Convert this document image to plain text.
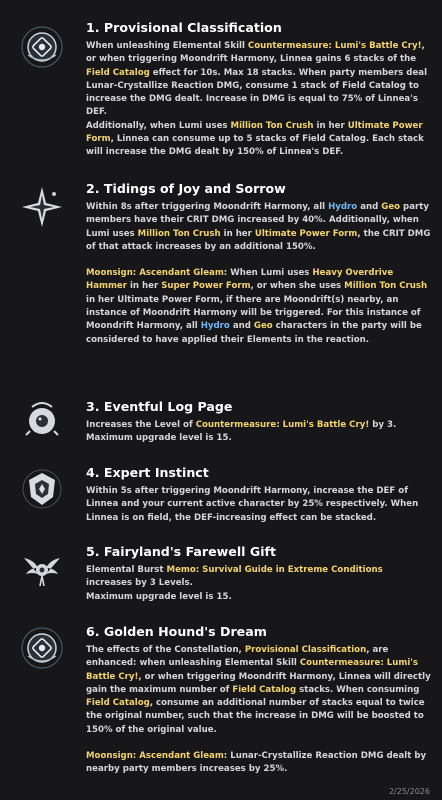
1. Provisional Classification
When unleashing Elemental Skill Countermeasure: Lumi's Battle Cry!, or when triggering Moondrift Harmony, Linnea gains 6 stacks of the Field Catalog effect for 10s. Max 18 stacks. When party members deal Lunar-Crystallize Reaction DMG, consume 1 stack of Field Catalog to increase the DMG dealt. Increase in DMG is equal to 75% of Linnea's DEF.
Additionally, when Lumi uses Million Ton Crush in her Ultimate Power Form, Linnea can consume up to 5 stacks of Field Catalog. Each stack will increase the DMG dealt by 150% of Linnea's DEF.
2. Tidings of Joy and Sorrow
Within 8s after triggering Moondrift Harmony, all Hydro and Geo party members have their CRIT DMG increased by 40%. Additionally, when Lumi uses Million Ton Crush in her Ultimate Power Form, the CRIT DMG of that attack increases by an additional 150%.
Moonsign: Ascendant Gleam: When Lumi uses Heavy Overdrive Hammer in her Super Power Form, or when she uses Million Ton Crush in her Ultimate Power Form, if there are Moondrift(s) nearby, an instance of Moondrift Harmony will be triggered. For this instance of Moondrift Harmony, all Hydro and Geo characters in the party will be considered to have applied their Elements in the reaction.
3. Eventful Log Page
Increases the Level of Countermeasure: Lumi's Battle Cry! by 3.
Maximum upgrade level is 15.
4. Expert Instinct
Within 5s after triggering Moondrift Harmony, increase the DEF of Linnea and your current active character by 25% respectively. When Linnea is on field, the DEF-increasing effect can be stacked.
5. Fairyland's Farewell Gift
Elemental Burst Memo: Survival Guide in Extreme Conditions increases by 3 Levels.
Maximum upgrade level is 15.
6. Golden Hound's Dream
The effects of the Constellation, Provisional Classification, are enhanced: when unleashing Elemental Skill Countermeasure: Lumi's Battle Cry!, or when triggering Moondrift Harmony, Linnea will directly gain the maximum number of Field Catalog stacks. When consuming Field Catalog, consume an additional number of stacks equal to twice the original number, such that the increase in DMG will be boosted to 150% of the original value.
Moonsign: Ascendant Gleam: Lunar-Crystallize Reaction DMG dealt by nearby party members increases by 25%.
2/25/2026
